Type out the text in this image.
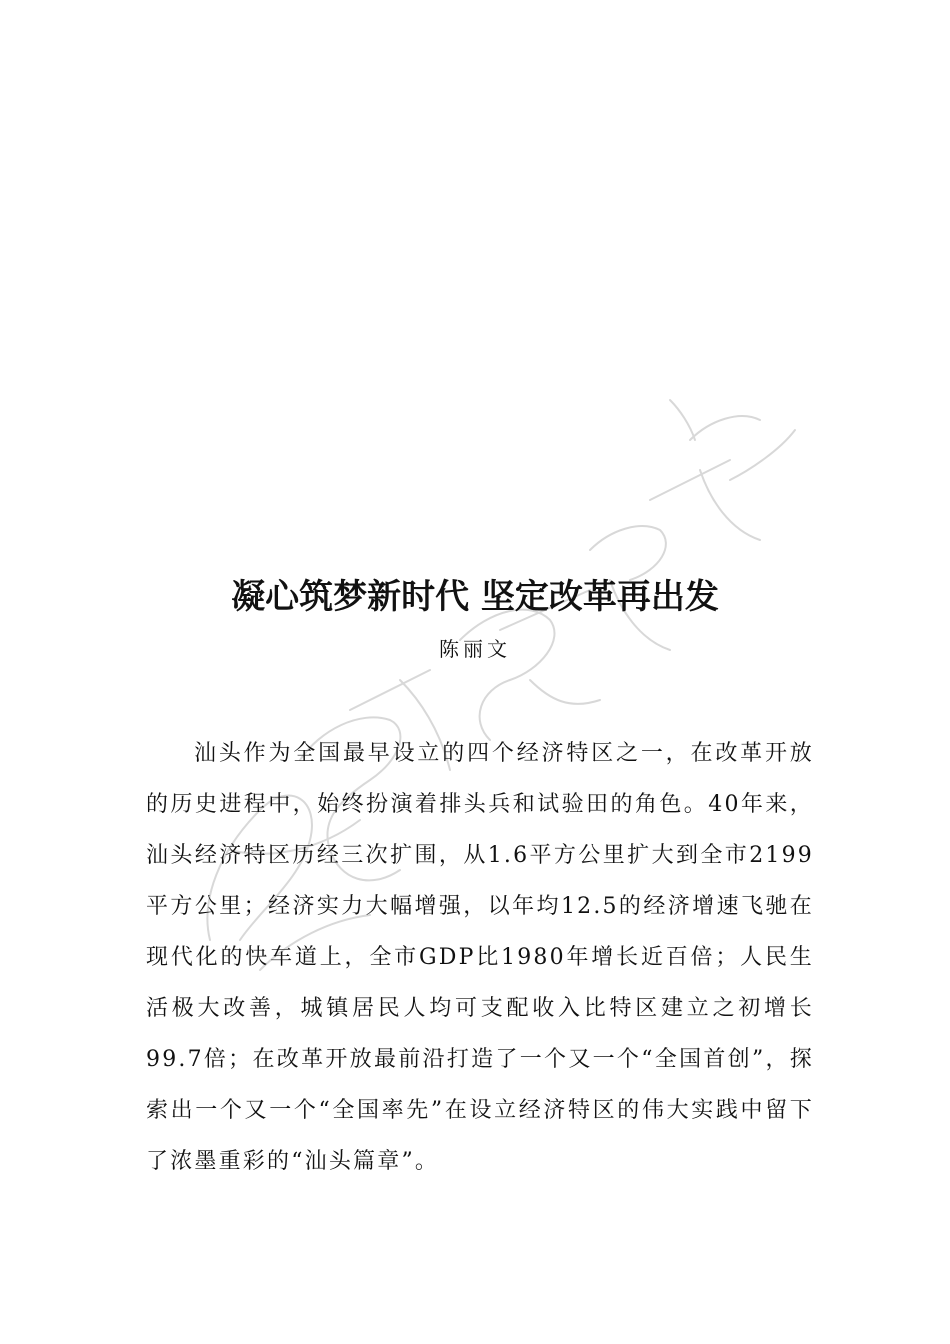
凝心筑梦新时代 坚定改革再出发
陈丽文

汕头作为全国最早设立的四个经济特区之一，在改革开放的历史进程中，始终扮演着排头兵和试验田的角色。40年来，汕头经济特区历经三次扩围，从1.6平方公里扩大到全市2199平方公里；经济实力大幅增强，以年均12.5的经济增速飞驰在现代化的快车道上，全市GDP比1980年增长近百倍；人民生活极大改善，城镇居民人均可支配收入比特区建立之初增长99.7倍；在改革开放最前沿打造了一个又一个“全国首创”，探索出一个又一个“全国率先”在设立经济特区的伟大实践中留下了浓墨重彩的“汕头篇章”。
